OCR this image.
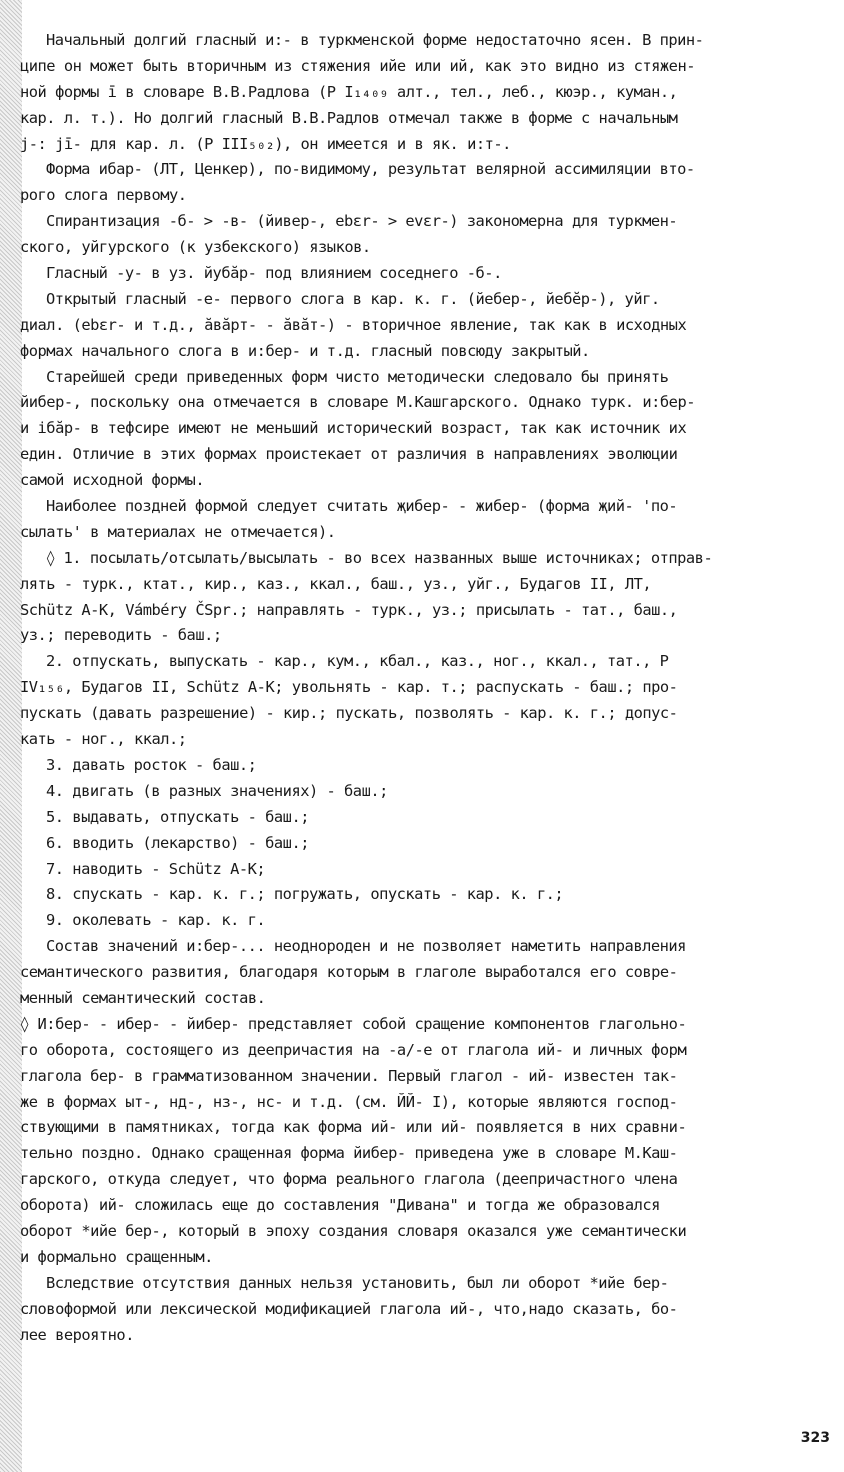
Начальный долгий гласный и:- в туркменской форме недостаточно ясен. В прин-
ципе он может быть вторичным из стяжения ийе или ий, как это видно из стяжен-
ной формы ī в словаре В.В.Радлова (Р I₁₄₀₉ алт., тел., леб., кюэр., куман.,
кар. л. т.). Но долгий гласный В.В.Радлов отмечал также в форме с начальным
j-: jī- для кар. л. (Р III₅₀₂), он имеется и в як. и:т-.
Форма ибар- (ЛТ, Ценкер), по-видимому, результат велярной ассимиляции вто-
рого слога первому.
Спирантизация -б- > -в- (йивер-, ebεr- > evεr-) закономерна для туркмен-
ского, уйгурского (к узбекского) языков.
Гласный -у- в уз. йубăр- под влиянием соседнего -б-.
Открытый гласный -е- первого слога в кар. к. г. (йебер-, йебĕр-), уйг.
диал. (ebεr- и т.д., ăвăрт- - ăвăт-) - вторичное явление, так как в исходных
формах начального слога в и:бер- и т.д. гласный повсюду закрытый.
Старейшей среди приведенных форм чисто методически следовало бы принять
йибер-, поскольку она отмечается в словаре М.Кашгарского. Однако турк. и:бер-
и iбăр- в тефсире имеют не меньший исторический возраст, так как источник их
един. Отличие в этих формах проистекает от различия в направлениях эволюции
самой исходной формы.
Наиболее поздней формой следует считать җибер- - жибер- (форма җий- 'по-
сылать' в материалах не отмечается).
◊ 1. посылать/отсылать/высылать - во всех названных выше источниках; отправ-
лять - турк., ктат., кир., каз., ккал., баш., уз., уйг., Будагов II, ЛТ,
Schütz A-K, Vámbéry ČSpr.; направлять - турк., уз.; присылать - тат., баш.,
уз.; переводить - баш.;
2. отпускать, выпускать - кар., кум., кбал., каз., ног., ккал., тат., Р
IV₁₅₆, Будагов II, Schütz A-K; увольнять - кар. т.; распускать - баш.; про-
пускать (давать разрешение) - кир.; пускать, позволять - кар. к. г.; допус-
кать - ног., ккал.;
3. давать росток - баш.;
4. двигать (в разных значениях) - баш.;
5. выдавать, отпускать - баш.;
6. вводить (лекарство) - баш.;
7. наводить - Schütz A-K;
8. спускать - кар. к. г.; погружать, опускать - кар. к. г.;
9. околевать - кар. к. г.
Состав значений и:бер-... неоднороден и не позволяет наметить направления
семантического развития, благодаря которым в глаголе выработался его совре-
менный семантический состав.
◊ И:бер- - ибер- - йибер- представляет собой сращение компонентов глагольно-
го оборота, состоящего из деепричастия на -а/-е от глагола ий- и личных форм
глагола бер- в грамматизованном значении. Первый глагол - ий- известен так-
же в формах ыт-, нд-, нз-, нс- и т.д. (см. ЙЙ- I), которые являются господ-
ствующими в памятниках, тогда как форма ий- или ий- появляется в них сравни-
тельно поздно. Однако сращенная форма йибер- приведена уже в словаре М.Каш-
гарского, откуда следует, что форма реального глагола (деепричастного члена
оборота) ий- сложилась еще до составления "Дивана" и тогда же образовался
оборот *ийе бер-, который в эпоху создания словаря оказался уже семантически
и формально сращенным.
Вследствие отсутствия данных нельзя установить, был ли оборот *ийе бер-
словоформой или лексической модификацией глагола ий-, что,надо сказать, бо-
лее вероятно.
323
